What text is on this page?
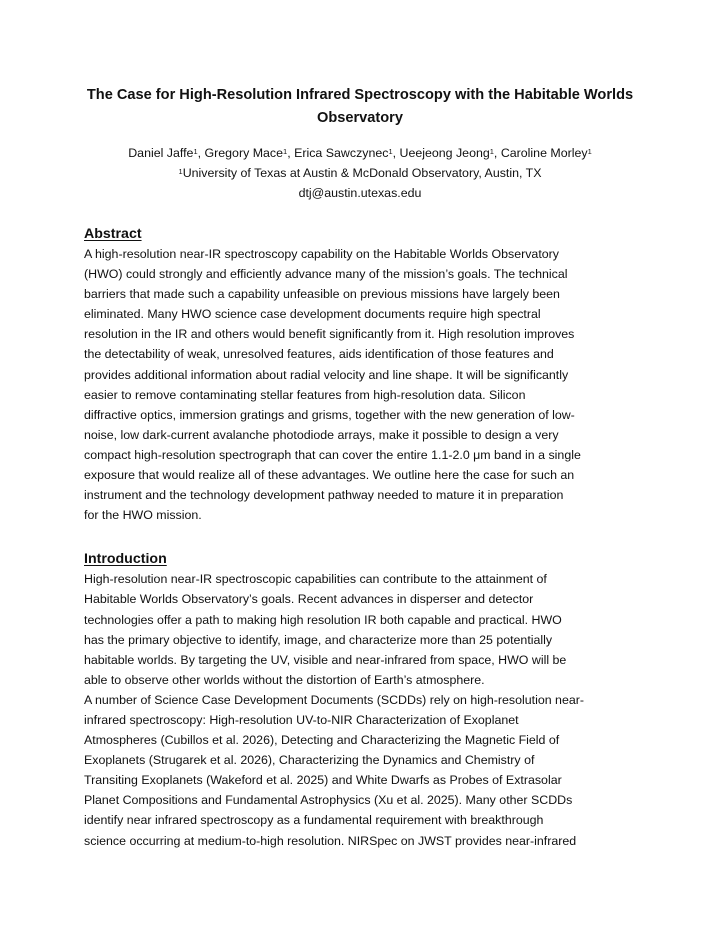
The Case for High-Resolution Infrared Spectroscopy with the Habitable Worlds Observatory
Daniel Jaffe$^1$, Gregory Mace$^1$, Erica Sawczynec$^1$, Ueejeong Jeong$^1$, Caroline Morley$^1$
$^1$University of Texas at Austin & McDonald Observatory, Austin, TX
dtj@austin.utexas.edu
Abstract

A high-resolution near-IR spectroscopy capability on the Habitable Worlds Observatory
(HWO) could strongly and efficiently advance many of the mission’s goals. The technical
barriers that made such a capability unfeasible on previous missions have largely been
eliminated. Many HWO science case development documents require high spectral
resolution in the IR and others would benefit significantly from it. High resolution improves
the detectability of weak, unresolved features, aids identification of those features and
provides additional information about radial velocity and line shape. It will be significantly
easier to remove contaminating stellar features from high-resolution data. Silicon
diffractive optics, immersion gratings and grisms, together with the new generation of low-
noise, low dark-current avalanche photodiode arrays, make it possible to design a very
compact high-resolution spectrograph that can cover the entire 1.1-2.0 μm band in a single
exposure that would realize all of these advantages. We outline here the case for such an
instrument and the technology development pathway needed to mature it in preparation
for the HWO mission.

Introduction

High-resolution near-IR spectroscopic capabilities can contribute to the attainment of
Habitable Worlds Observatory’s goals. Recent advances in disperser and detector
technologies offer a path to making high resolution IR both capable and practical. HWO
has the primary objective to identify, image, and characterize more than 25 potentially
habitable worlds. By targeting the UV, visible and near-infrared from space, HWO will be
able to observe other worlds without the distortion of Earth’s atmosphere.

A number of Science Case Development Documents (SCDDs) rely on high-resolution near-
infrared spectroscopy: High-resolution UV-to-NIR Characterization of Exoplanet
Atmospheres (Cubillos et al. 2026), Detecting and Characterizing the Magnetic Field of
Exoplanets (Strugarek et al. 2026), Characterizing the Dynamics and Chemistry of
Transiting Exoplanets (Wakeford et al. 2025) and White Dwarfs as Probes of Extrasolar
Planet Compositions and Fundamental Astrophysics (Xu et al. 2025). Many other SCDDs
identify near infrared spectroscopy as a fundamental requirement with breakthrough
science occurring at medium-to-high resolution. NIRSpec on JWST provides near-infrared
